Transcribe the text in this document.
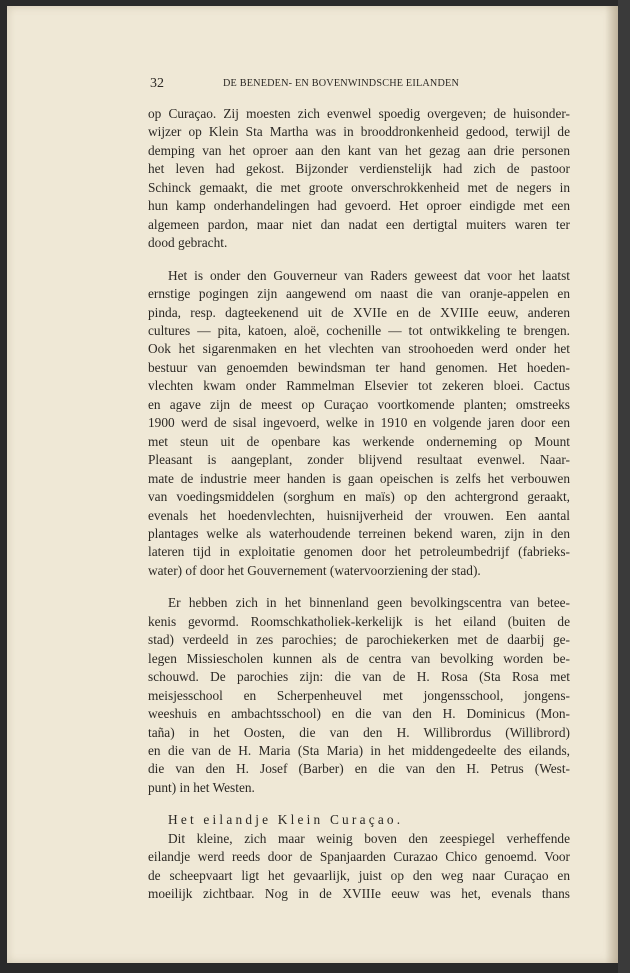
32	DE BENEDEN- EN BOVENWINDSCHE EILANDEN
op Curaçao. Zij moesten zich evenwel spoedig overgeven; de huisonder-
wijzer op Klein Sta Martha was in brooddronkenheid gedood, terwijl de
demping van het oproer aan den kant van het gezag aan drie personen
het leven had gekost. Bijzonder verdienstelijk had zich de pastoor
Schinck gemaakt, die met groote onverschrokkenheid met de negers in
hun kamp onderhandelingen had gevoerd. Het oproer eindigde met een
algemeen pardon, maar niet dan nadat een dertigtal muiters waren ter
dood gebracht.
Het is onder den Gouverneur van Raders geweest dat voor het laatst
ernstige pogingen zijn aangewend om naast die van oranje-appelen en
pinda, resp. dagteekenend uit de XVIIe en de XVIIIe eeuw, anderen
cultures — pita, katoen, aloë, cochenille — tot ontwikkeling te brengen.
Ook het sigarenmaken en het vlechten van stroohoeden werd onder het
bestuur van genoemden bewindsman ter hand genomen. Het hoeden-
vlechten kwam onder Rammelman Elsevier tot zekeren bloei. Cactus
en agave zijn de meest op Curaçao voortkomende planten; omstreeks
1900 werd de sisal ingevoerd, welke in 1910 en volgende jaren door een
met steun uit de openbare kas werkende onderneming op Mount
Pleasant is aangeplant, zonder blijvend resultaat evenwel. Naar-
mate de industrie meer handen is gaan opeischen is zelfs het verbouwen
van voedingsmiddelen (sorghum en maïs) op den achtergrond geraakt,
evenals het hoedenvlechten, huisnijverheid der vrouwen. Een aantal
plantages welke als waterhoudende terreinen bekend waren, zijn in den
lateren tijd in exploitatie genomen door het petroleumbedrijf (fabrieks-
water) of door het Gouvernement (watervoorziening der stad).
Er hebben zich in het binnenland geen bevolkingscentra van betee-
kenis gevormd. Roomschkatholiek-kerkelijk is het eiland (buiten de
stad) verdeeld in zes parochies; de parochiekerken met de daarbij ge-
legen Missiescholen kunnen als de centra van bevolking worden be-
schouwd. De parochies zijn: die van de H. Rosa (Sta Rosa met
meisjesschool en Scherpenheuvel met jongensschool, jongens-
weeshuis en ambachtsschool) en die van den H. Dominicus (Mon-
taña) in het Oosten, die van den H. Willibrordus (Willibrord)
en die van de H. Maria (Sta Maria) in het middengedeelte des eilands,
die van den H. Josef (Barber) en die van den H. Petrus (West-
punt) in het Westen.
Het eilandje Klein Curaçao.
Dit kleine, zich maar weinig boven den zeespiegel verheffende
eilandje werd reeds door de Spanjaarden Curazao Chico genoemd. Voor
de scheepvaart ligt het gevaarlijk, juist op den weg naar Curaçao en
moeilijk zichtbaar. Nog in de XVIIIe eeuw was het, evenals thans
